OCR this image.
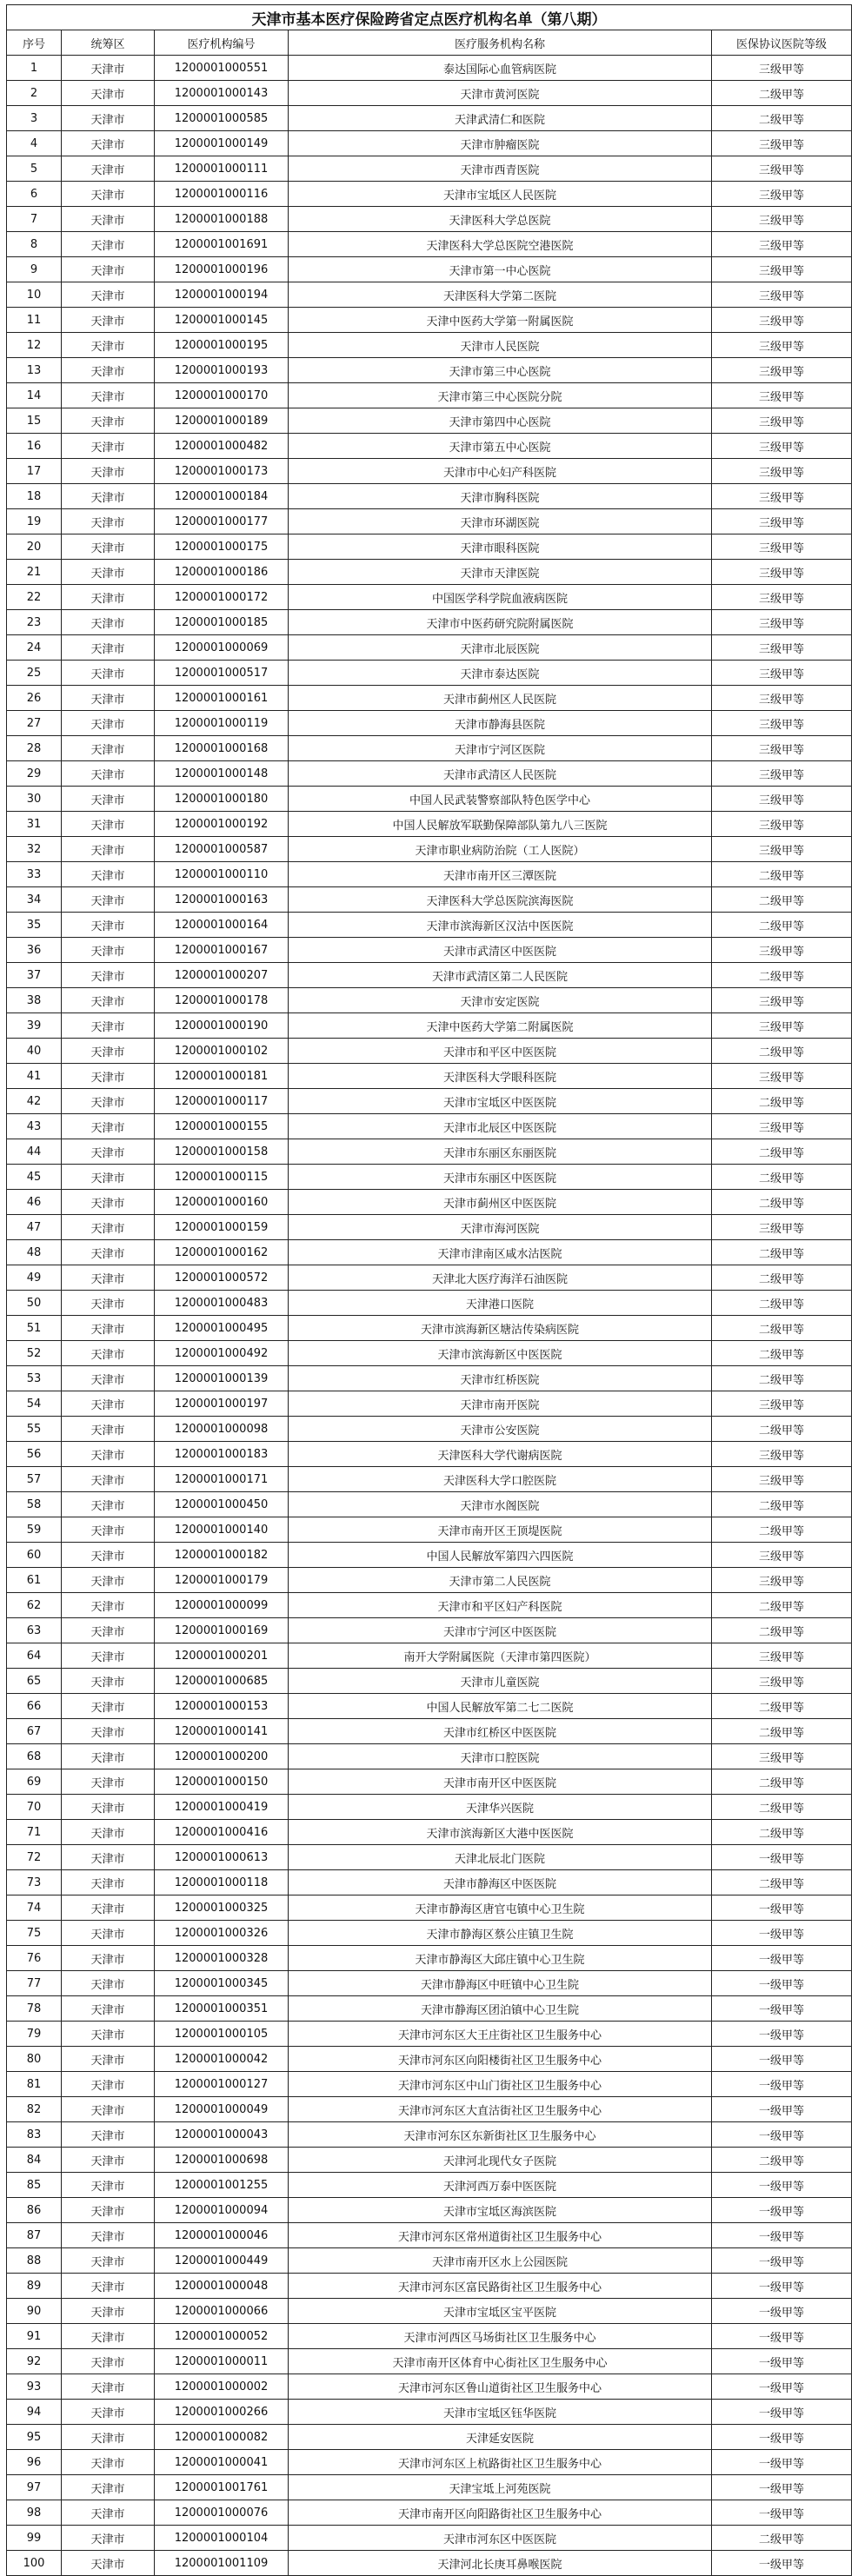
天津市基本医疗保险跨省定点医疗机构名单（第八期）				
序号	统筹区	医疗机构编号	医疗服务机构名称	医保协议医院等级
1	天津市	1200001000551	泰达国际心血管病医院	三级甲等
2	天津市	1200001000143	天津市黄河医院	二级甲等
3	天津市	1200001000585	天津武清仁和医院	二级甲等
4	天津市	1200001000149	天津市肿瘤医院	三级甲等
5	天津市	1200001000111	天津市西青医院	三级甲等
6	天津市	1200001000116	天津市宝坻区人民医院	三级甲等
7	天津市	1200001000188	天津医科大学总医院	三级甲等
8	天津市	1200001001691	天津医科大学总医院空港医院	三级甲等
9	天津市	1200001000196	天津市第一中心医院	三级甲等
10	天津市	1200001000194	天津医科大学第二医院	三级甲等
11	天津市	1200001000145	天津中医药大学第一附属医院	三级甲等
12	天津市	1200001000195	天津市人民医院	三级甲等
13	天津市	1200001000193	天津市第三中心医院	三级甲等
14	天津市	1200001000170	天津市第三中心医院分院	三级甲等
15	天津市	1200001000189	天津市第四中心医院	三级甲等
16	天津市	1200001000482	天津市第五中心医院	三级甲等
17	天津市	1200001000173	天津市中心妇产科医院	三级甲等
18	天津市	1200001000184	天津市胸科医院	三级甲等
19	天津市	1200001000177	天津市环湖医院	三级甲等
20	天津市	1200001000175	天津市眼科医院	三级甲等
21	天津市	1200001000186	天津市天津医院	三级甲等
22	天津市	1200001000172	中国医学科学院血液病医院	三级甲等
23	天津市	1200001000185	天津市中医药研究院附属医院	三级甲等
24	天津市	1200001000069	天津市北辰医院	三级甲等
25	天津市	1200001000517	天津市泰达医院	三级甲等
26	天津市	1200001000161	天津市蓟州区人民医院	三级甲等
27	天津市	1200001000119	天津市静海县医院	三级甲等
28	天津市	1200001000168	天津市宁河区医院	三级甲等
29	天津市	1200001000148	天津市武清区人民医院	三级甲等
30	天津市	1200001000180	中国人民武装警察部队特色医学中心	三级甲等
31	天津市	1200001000192	中国人民解放军联勤保障部队第九八三医院	三级甲等
32	天津市	1200001000587	天津市职业病防治院（工人医院）	三级甲等
33	天津市	1200001000110	天津市南开区三潭医院	二级甲等
34	天津市	1200001000163	天津医科大学总医院滨海医院	二级甲等
35	天津市	1200001000164	天津市滨海新区汉沽中医医院	二级甲等
36	天津市	1200001000167	天津市武清区中医医院	三级甲等
37	天津市	1200001000207	天津市武清区第二人民医院	二级甲等
38	天津市	1200001000178	天津市安定医院	三级甲等
39	天津市	1200001000190	天津中医药大学第二附属医院	三级甲等
40	天津市	1200001000102	天津市和平区中医医院	二级甲等
41	天津市	1200001000181	天津医科大学眼科医院	三级甲等
42	天津市	1200001000117	天津市宝坻区中医医院	二级甲等
43	天津市	1200001000155	天津市北辰区中医医院	三级甲等
44	天津市	1200001000158	天津市东丽区东丽医院	二级甲等
45	天津市	1200001000115	天津市东丽区中医医院	二级甲等
46	天津市	1200001000160	天津市蓟州区中医医院	二级甲等
47	天津市	1200001000159	天津市海河医院	三级甲等
48	天津市	1200001000162	天津市津南区咸水沽医院	二级甲等
49	天津市	1200001000572	天津北大医疗海洋石油医院	二级甲等
50	天津市	1200001000483	天津港口医院	二级甲等
51	天津市	1200001000495	天津市滨海新区塘沽传染病医院	二级甲等
52	天津市	1200001000492	天津市滨海新区中医医院	二级甲等
53	天津市	1200001000139	天津市红桥医院	二级甲等
54	天津市	1200001000197	天津市南开医院	三级甲等
55	天津市	1200001000098	天津市公安医院	二级甲等
56	天津市	1200001000183	天津医科大学代谢病医院	三级甲等
57	天津市	1200001000171	天津医科大学口腔医院	三级甲等
58	天津市	1200001000450	天津市水阁医院	二级甲等
59	天津市	1200001000140	天津市南开区王顶堤医院	二级甲等
60	天津市	1200001000182	中国人民解放军第四六四医院	三级甲等
61	天津市	1200001000179	天津市第二人民医院	三级甲等
62	天津市	1200001000099	天津市和平区妇产科医院	二级甲等
63	天津市	1200001000169	天津市宁河区中医医院	二级甲等
64	天津市	1200001000201	南开大学附属医院（天津市第四医院）	三级甲等
65	天津市	1200001000685	天津市儿童医院	三级甲等
66	天津市	1200001000153	中国人民解放军第二七二医院	二级甲等
67	天津市	1200001000141	天津市红桥区中医医院	二级甲等
68	天津市	1200001000200	天津市口腔医院	三级甲等
69	天津市	1200001000150	天津市南开区中医医院	二级甲等
70	天津市	1200001000419	天津华兴医院	二级甲等
71	天津市	1200001000416	天津市滨海新区大港中医医院	二级甲等
72	天津市	1200001000613	天津北辰北门医院	一级甲等
73	天津市	1200001000118	天津市静海区中医医院	二级甲等
74	天津市	1200001000325	天津市静海区唐官屯镇中心卫生院	一级甲等
75	天津市	1200001000326	天津市静海区蔡公庄镇卫生院	一级甲等
76	天津市	1200001000328	天津市静海区大邱庄镇中心卫生院	一级甲等
77	天津市	1200001000345	天津市静海区中旺镇中心卫生院	一级甲等
78	天津市	1200001000351	天津市静海区团泊镇中心卫生院	一级甲等
79	天津市	1200001000105	天津市河东区大王庄街社区卫生服务中心	一级甲等
80	天津市	1200001000042	天津市河东区向阳楼街社区卫生服务中心	一级甲等
81	天津市	1200001000127	天津市河东区中山门街社区卫生服务中心	一级甲等
82	天津市	1200001000049	天津市河东区大直沽街社区卫生服务中心	一级甲等
83	天津市	1200001000043	天津市河东区东新街社区卫生服务中心	一级甲等
84	天津市	1200001000698	天津河北现代女子医院	二级甲等
85	天津市	1200001001255	天津河西万泰中医医院	一级甲等
86	天津市	1200001000094	天津市宝坻区海滨医院	一级甲等
87	天津市	1200001000046	天津市河东区常州道街社区卫生服务中心	一级甲等
88	天津市	1200001000449	天津市南开区水上公园医院	一级甲等
89	天津市	1200001000048	天津市河东区富民路街社区卫生服务中心	一级甲等
90	天津市	1200001000066	天津市宝坻区宝平医院	一级甲等
91	天津市	1200001000052	天津市河西区马场街社区卫生服务中心	一级甲等
92	天津市	1200001000011	天津市南开区体育中心街社区卫生服务中心	一级甲等
93	天津市	1200001000002	天津市河东区鲁山道街社区卫生服务中心	一级甲等
94	天津市	1200001000266	天津市宝坻区钰华医院	一级甲等
95	天津市	1200001000082	天津延安医院	一级甲等
96	天津市	1200001000041	天津市河东区上杭路街社区卫生服务中心	一级甲等
97	天津市	1200001001761	天津宝坻上河苑医院	一级甲等
98	天津市	1200001000076	天津市南开区向阳路街社区卫生服务中心	一级甲等
99	天津市	1200001000104	天津市河东区中医医院	二级甲等
100	天津市	1200001001109	天津河北长庚耳鼻喉医院	一级甲等
